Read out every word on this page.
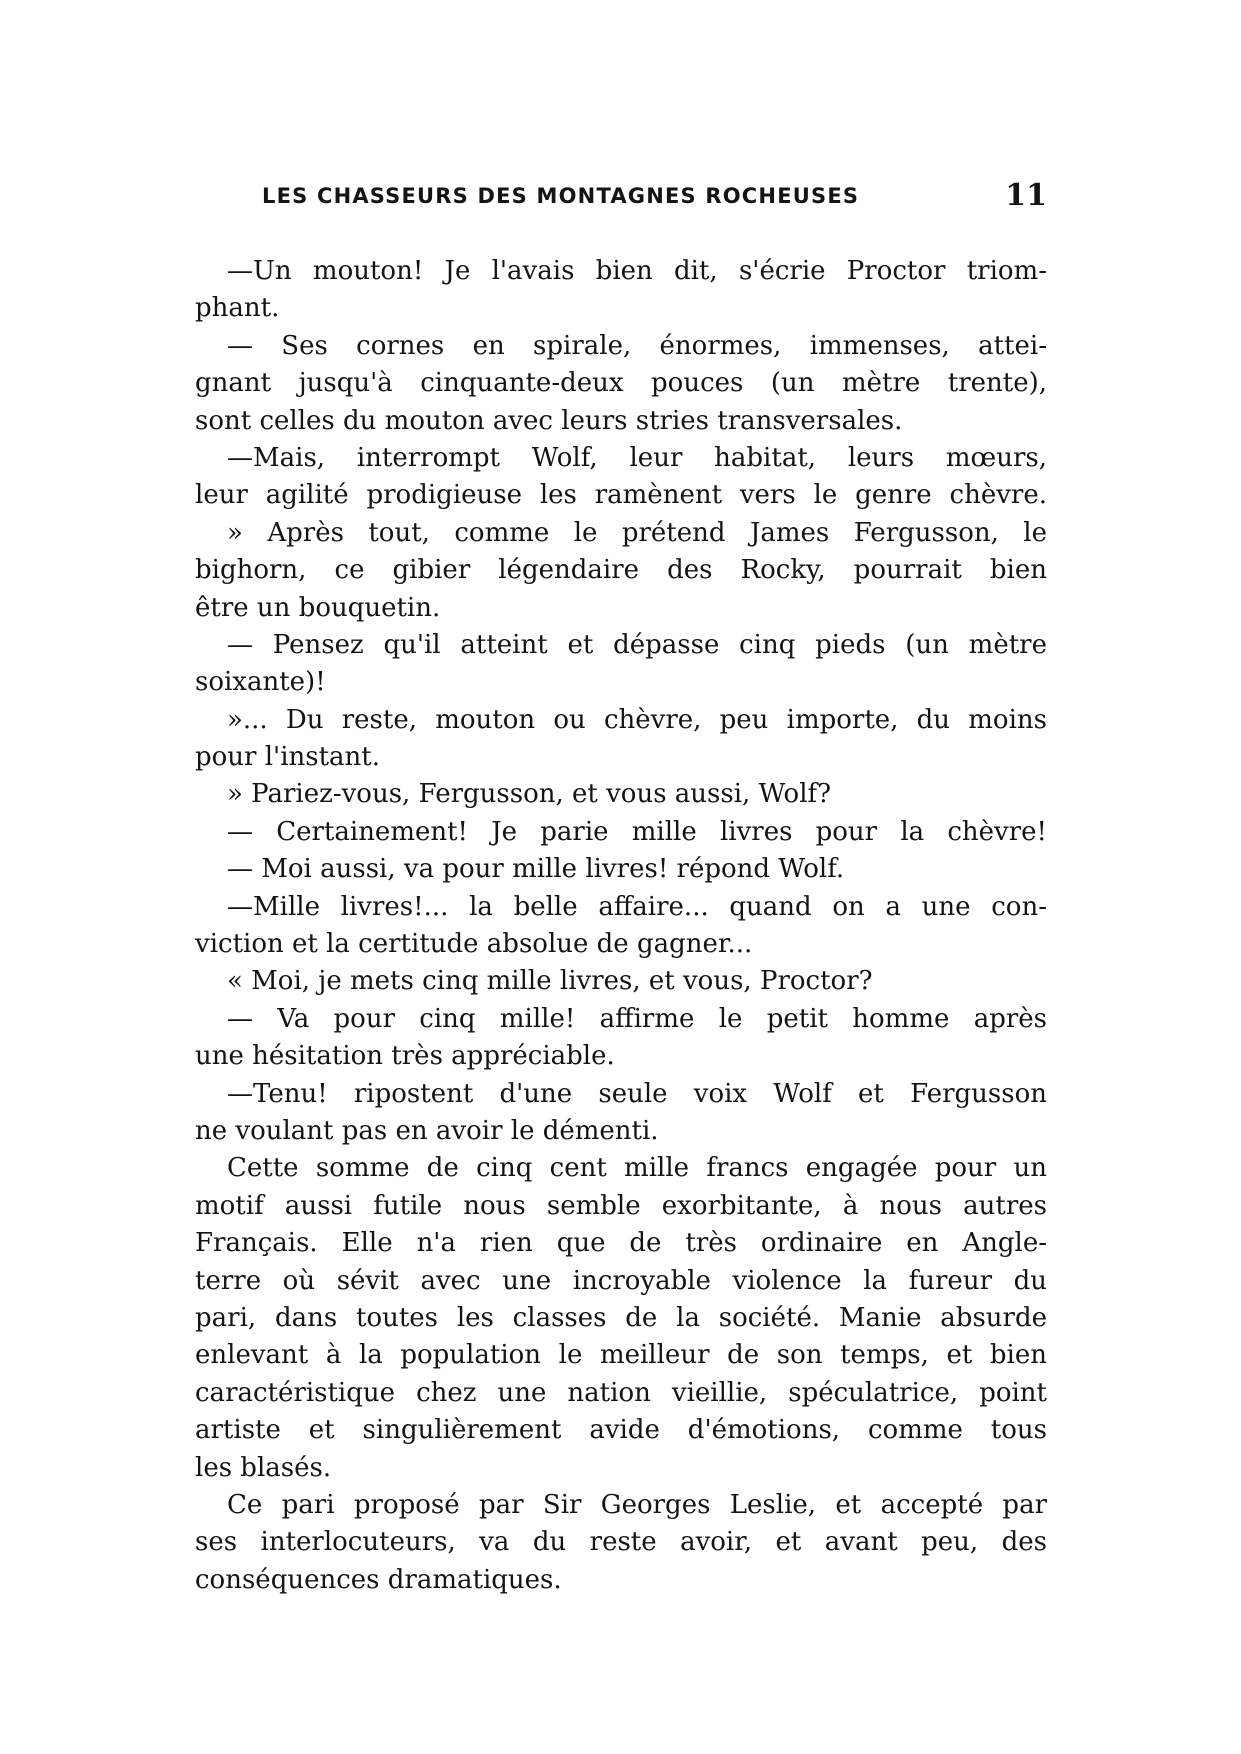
LES CHASSEURS DES MONTAGNES ROCHEUSES	11
—Un mouton! Je l'avais bien dit, s'écrie Proctor triom-
phant.
— Ses cornes en spirale, énormes, immenses, attei-
gnant jusqu'à cinquante-deux pouces (un mètre trente),
sont celles du mouton avec leurs stries transversales.
—Mais, interrompt Wolf, leur habitat, leurs mœurs,
leur agilité prodigieuse les ramènent vers le genre chèvre.
» Après tout, comme le prétend James Fergusson, le
bighorn, ce gibier légendaire des Rocky, pourrait bien
être un bouquetin.
— Pensez qu'il atteint et dépasse cinq pieds (un mètre
soixante)!
»... Du reste, mouton ou chèvre, peu importe, du moins
pour l'instant.
» Pariez-vous, Fergusson, et vous aussi, Wolf?
— Certainement! Je parie mille livres pour la chèvre!
— Moi aussi, va pour mille livres! répond Wolf.
—Mille livres!... la belle affaire... quand on a une con-
viction et la certitude absolue de gagner...
« Moi, je mets cinq mille livres, et vous, Proctor?
— Va pour cinq mille! affirme le petit homme après
une hésitation très appréciable.
—Tenu! ripostent d'une seule voix Wolf et Fergusson
ne voulant pas en avoir le démenti.
Cette somme de cinq cent mille francs engagée pour un
motif aussi futile nous semble exorbitante, à nous autres
Français. Elle n'a rien que de très ordinaire en Angle-
terre où sévit avec une incroyable violence la fureur du
pari, dans toutes les classes de la société. Manie absurde
enlevant à la population le meilleur de son temps, et bien
caractéristique chez une nation vieillie, spéculatrice, point
artiste et singulièrement avide d'émotions, comme tous
les blasés.
Ce pari proposé par Sir Georges Leslie, et accepté par
ses interlocuteurs, va du reste avoir, et avant peu, des
conséquences dramatiques.
